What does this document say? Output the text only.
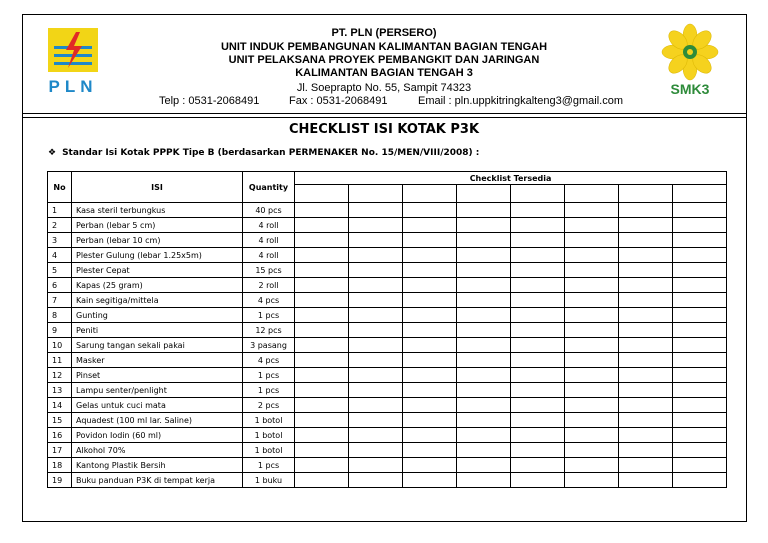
PLN	SMK3
PT. PLN (PERSERO)
UNIT INDUK PEMBANGUNAN KALIMANTAN BAGIAN TENGAH
UNIT PELAKSANA PROYEK PEMBANGKIT DAN JARINGAN
KALIMANTAN BAGIAN TENGAH 3
Jl. Soeprapto No. 55, Sampit 74323
Telp : 0531-2068491	Fax : 0531-2068491	Email : pln.uppkitringkalteng3@gmail.com
CHECKLIST ISI KOTAK P3K
❖ Standar Isi Kotak PPPK Tipe B (berdasarkan PERMENAKER No. 15/MEN/VIII/2008) :
No	ISI	Quantity	Checklist Tersedia							

1	Kasa steril terbungkus	40 pcs								
2	Perban (lebar 5 cm)	4 roll								
3	Perban (lebar 10 cm)	4 roll								
4	Plester Gulung (lebar 1.25x5m)	4 roll								
5	Plester Cepat	15 pcs								
6	Kapas (25 gram)	2 roll								
7	Kain segitiga/mittela	4 pcs								
8	Gunting	1 pcs								
9	Peniti	12 pcs								
10	Sarung tangan sekali pakai	3 pasang								
11	Masker	4 pcs								
12	Pinset	1 pcs								
13	Lampu senter/penlight	1 pcs								
14	Gelas untuk cuci mata	2 pcs								
15	Aquadest (100 ml lar. Saline)	1 botol								
16	Povidon Iodin (60 ml)	1 botol								
17	Alkohol 70%	1 botol								
18	Kantong Plastik Bersih	1 pcs								
19	Buku panduan P3K di tempat kerja	1 buku								
